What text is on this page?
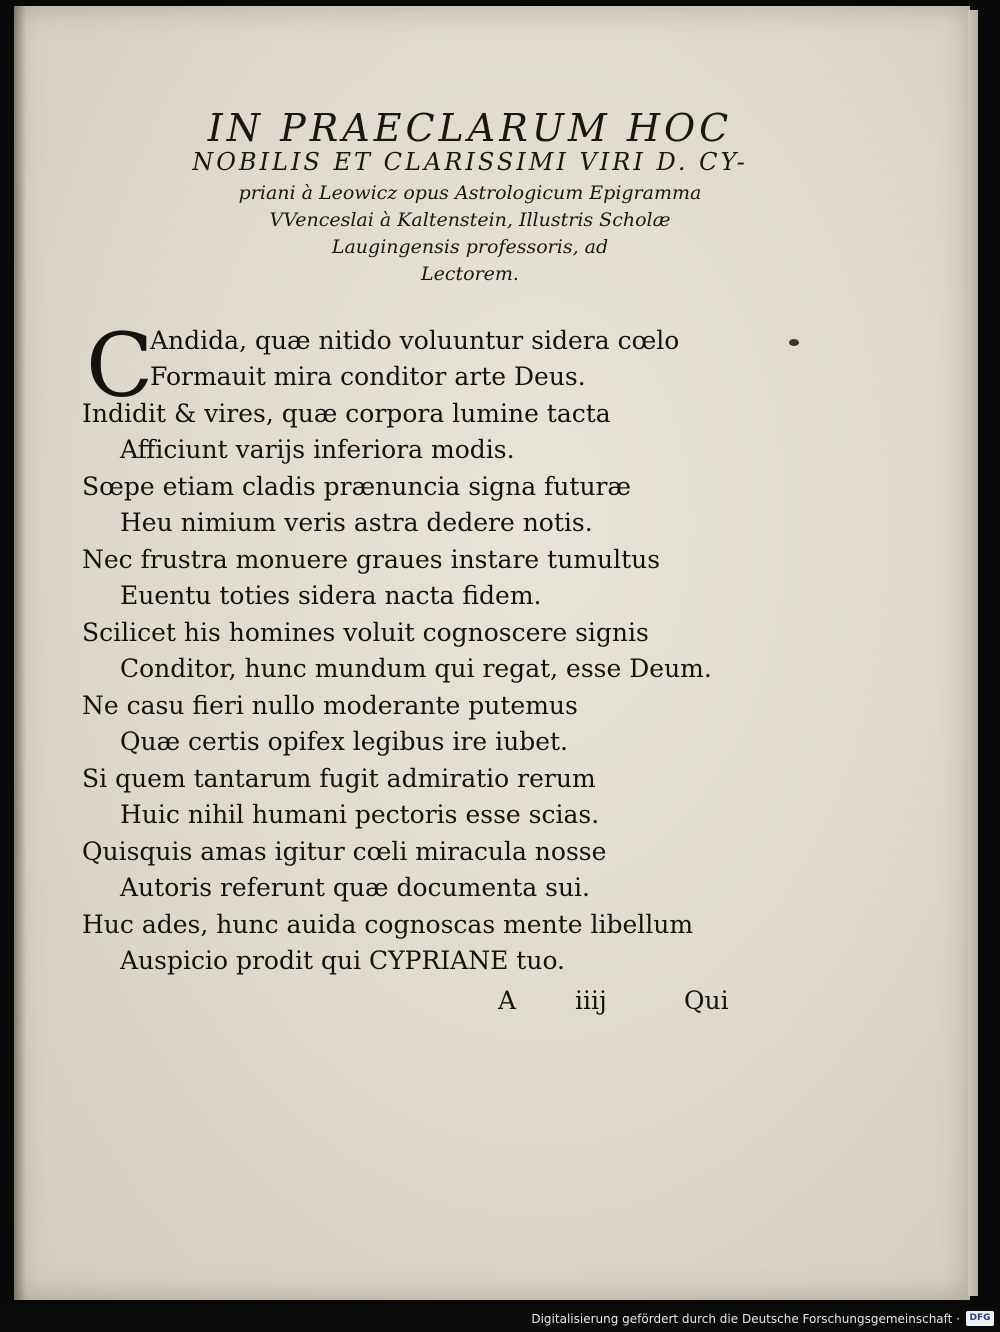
IN PRAECLARUM HOC
NOBILIS ET CLARISSIMI VIRI D. CY-
priani à Leowicz opus Astrologicum Epigramma
VVenceslai à Kaltenstein, Illustris Scholæ
Laugingensis professoris, ad
Lectorem.
C
Andida, quæ nitido voluuntur sidera cœlo
Formauit mira conditor arte Deus.
Indidit & vires, quæ corpora lumine tacta
Afficiunt varijs inferiora modis.
Sœpe etiam cladis prænuncia signa futuræ
Heu nimium veris astra dedere notis.
Nec frustra monuere graues instare tumultus
Euentu toties sidera nacta fidem.
Scilicet his homines voluit cognoscere signis
Conditor, hunc mundum qui regat, esse Deum.
Ne casu fieri nullo moderante putemus
Quæ certis opifex legibus ire iubet.
Si quem tantarum fugit admiratio rerum
Huic nihil humani pectoris esse scias.
Quisquis amas igitur cœli miracula nosse
Autoris referunt quæ documenta sui.
Huc ades, hunc auida cognoscas mente libellum
Auspicio prodit qui CYPRIANE tuo.
A iiij	Qui
Digitalisierung gefördert durch die Deutsche Forschungsgemeinschaft ·	DFG
